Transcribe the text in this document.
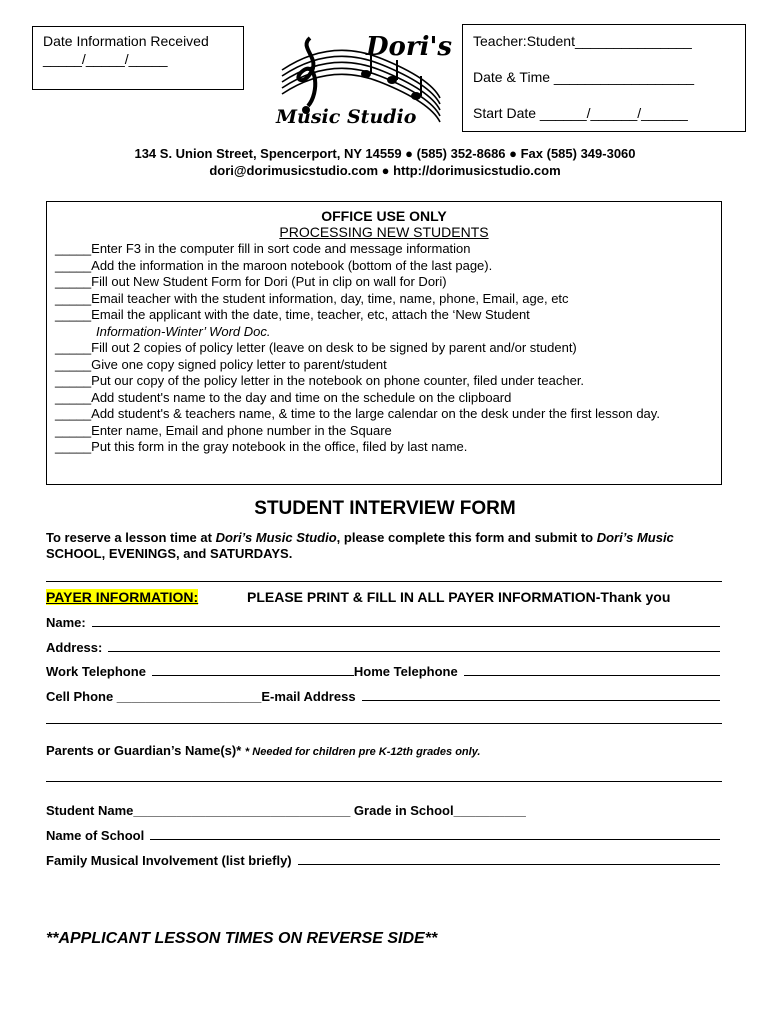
Date Information Received
_____/_____/_____	Dori's
Music Studio
Teacher:Student_______________
Date & Time __________________
Start Date ______/______/______
134 S. Union Street, Spencerport, NY 14559 ● (585) 352-8686 ● Fax (585) 349-3060
dori@dorimusicstudio.com ● http://dorimusicstudio.com
OFFICE USE ONLY
PROCESSING NEW STUDENTS

_____Enter F3 in the computer fill in sort code and message information

_____Add the information in the maroon notebook (bottom of the last page).

_____Fill out New Student Form for Dori (Put in clip on wall for Dori)

_____Email teacher with the student information, day, time, name, phone, Email, age, etc

_____Email the applicant with the date, time, teacher, etc, attach the ‘New Student

Information-Winter’ Word Doc.

_____Fill out 2 copies of policy letter (leave on desk to be signed by parent and/or student)

_____Give one copy signed policy letter to parent/student

_____Put our copy of the policy letter in the notebook on phone counter, filed under teacher.

_____Add student's name to the day and time on the schedule on the clipboard

_____Add student's & teachers name, & time to the large calendar on the desk under the first lesson day.

_____Enter name, Email and phone number in the Square

_____Put this form in the gray notebook in the office, filed by last name.

STUDENT INTERVIEW FORM
To reserve a lesson time at Dori’s Music Studio, please complete this form and submit to Dori’s Music
SCHOOL, EVENINGS, and SATURDAYS.
PAYER INFORMATION:	PLEASE PRINT & FILL IN ALL PAYER INFORMATION-Thank you
Name:
Address:
Work Telephone	Home Telephone
Cell Phone ____________________ E-mail Address
Parents or Guardian’s Name(s)* * Needed for children pre K-12th grades only.
Student Name______________________________ Grade in School__________
Name of School
Family Musical Involvement (list briefly)
**APPLICANT LESSON TIMES ON REVERSE SIDE**
